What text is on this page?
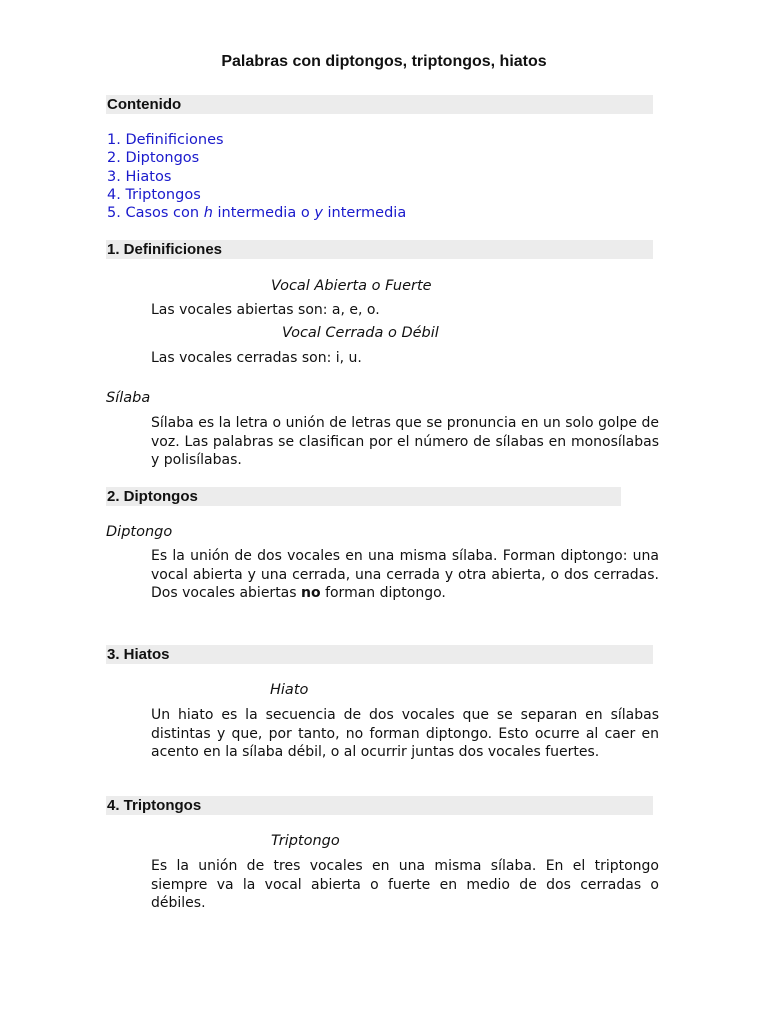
Palabras con diptongos, triptongos, hiatos
Contenido
1. Definificiones
2. Diptongos
3. Hiatos
4. Triptongos
5. Casos con h intermedia o y intermedia
1. Definificiones
Vocal Abierta o Fuerte
Las vocales abiertas son: a, e, o.
Vocal Cerrada o Débil
Las vocales cerradas son: i, u.
Sílaba
Sílaba es la letra o unión de letras que se pronuncia en un solo golpe de voz. Las palabras se clasifican por el número de sílabas en monosílabas y polisílabas.
2. Diptongos
Diptongo
Es la unión de dos vocales en una misma sílaba. Forman diptongo: una vocal abierta y una cerrada, una cerrada y otra abierta, o dos cerradas. Dos vocales abiertas no forman diptongo.
3. Hiatos
Hiato
Un hiato es la secuencia de dos vocales que se separan en sílabas distintas y que, por tanto, no forman diptongo. Esto ocurre al caer en acento en la sílaba débil, o al ocurrir juntas dos vocales fuertes.
4. Triptongos
Triptongo
Es la unión de tres vocales en una misma sílaba. En el triptongo siempre va la vocal abierta o fuerte en medio de dos cerradas o débiles.
